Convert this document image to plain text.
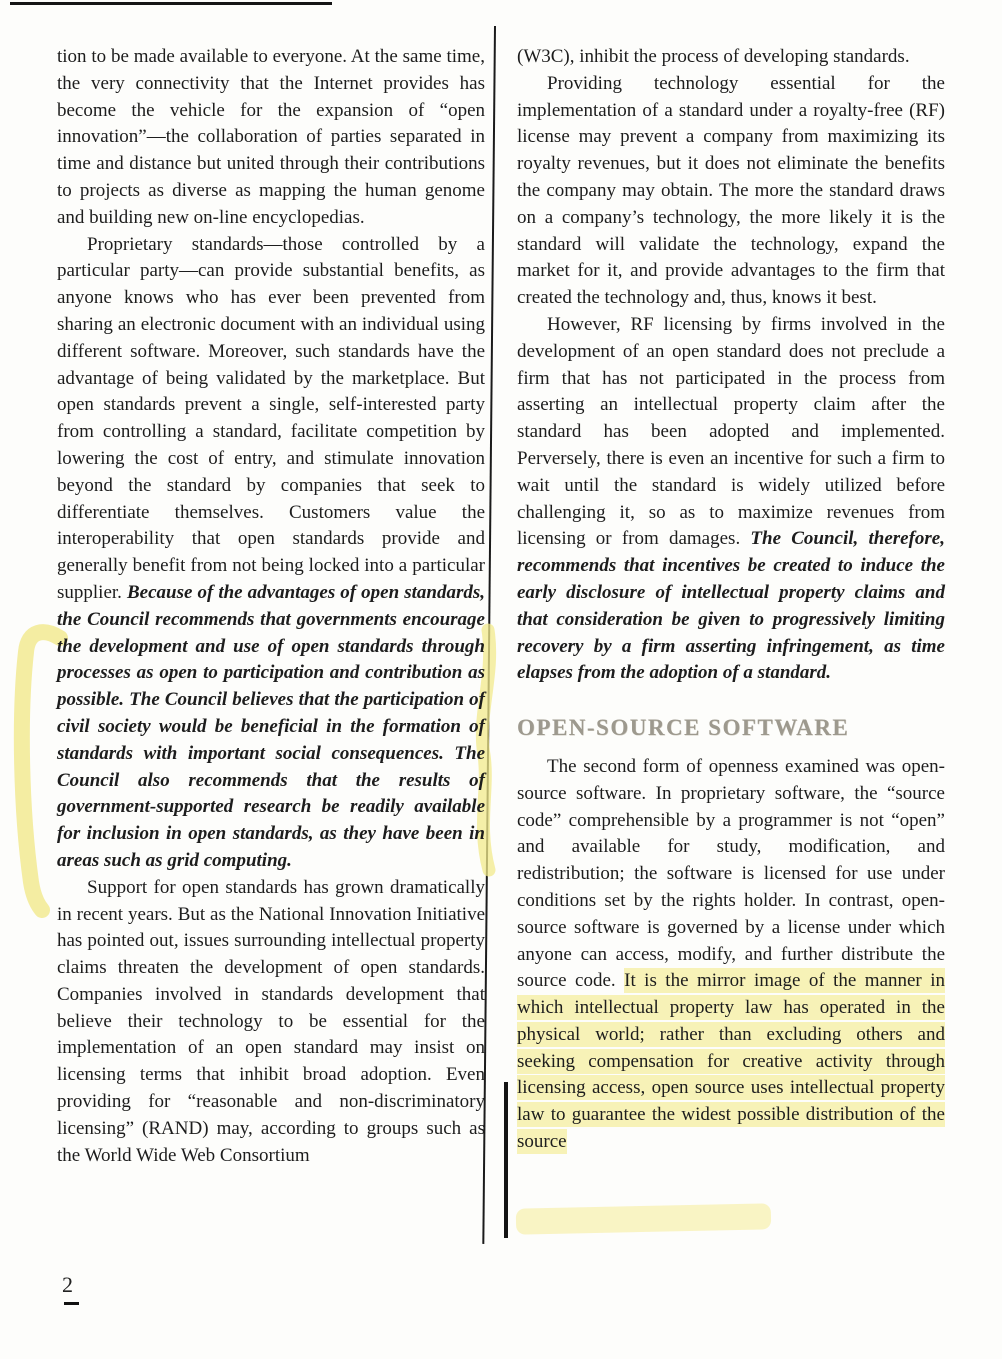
tion to be made available to everyone. At the same time, the very connectivity that the Internet provides has become the vehicle for the expansion of “open innovation”—the collaboration of parties separated in time and distance but united through their contributions to projects as diverse as mapping the human genome and building new on-line encyclopedias.

Proprietary standards—those controlled by a particular party—can provide substantial benefits, as anyone knows who has ever been prevented from sharing an electronic document with an individual using different software. Moreover, such standards have the advantage of being validated by the marketplace. But open standards prevent a single, self-interested party from controlling a standard, facilitate competition by lowering the cost of entry, and stimulate innovation beyond the standard by companies that seek to differentiate themselves. Customers value the interoperability that open standards provide and generally benefit from not being locked into a particular supplier. Because of the advantages of open standards, the Council recommends that governments encourage the development and use of open standards through processes as open to participation and contribution as possible. The Council believes that the participation of civil society would be beneficial in the formation of standards with important social consequences. The Council also recommends that the results of government-supported research be readily available for inclusion in open standards, as they have been in areas such as grid computing.

Support for open standards has grown dramatically in recent years. But as the National Innovation Initiative has pointed out, issues surrounding intellectual property claims threaten the development of open standards. Companies involved in standards development that believe their technology to be essential for the implementation of an open standard may insist on licensing terms that inhibit broad adoption. Even providing for “reasonable and non-discriminatory licensing” (RAND) may, according to groups such as the World Wide Web Consortium

(W3C), inhibit the process of developing standards.

Providing technology essential for the implementation of a standard under a royalty-free (RF) license may prevent a company from maximizing its royalty revenues, but it does not eliminate the benefits the company may obtain. The more the standard draws on a company’s technology, the more likely it is the standard will validate the technology, expand the market for it, and provide advantages to the firm that created the technology and, thus, knows it best.

However, RF licensing by firms involved in the development of an open standard does not preclude a firm that has not participated in the process from asserting an intellectual property claim after the standard has been adopted and implemented. Perversely, there is even an incentive for such a firm to wait until the standard is widely utilized before challenging it, so as to maximize revenues from licensing or from damages. The Council, therefore, recommends that incentives be created to induce the early disclosure of intellectual property claims and that consideration be given to progressively limiting recovery by a firm asserting infringement, as time elapses from the adoption of a standard.

OPEN-SOURCE SOFTWARE

The second form of openness examined was open-source software. In proprietary software, the “source code” comprehensible by a programmer is not “open” and available for study, modification, and redistribution; the software is licensed for use under conditions set by the rights holder. In contrast, open-source software is governed by a license under which anyone can access, modify, and further distribute the source code. It is the mirror image of the manner in which intellectual property law has operated in the physical world; rather than excluding others and seeking compensation for creative activity through licensing access, open source uses intellectual property law to guarantee the widest possible distribution of the source

2
